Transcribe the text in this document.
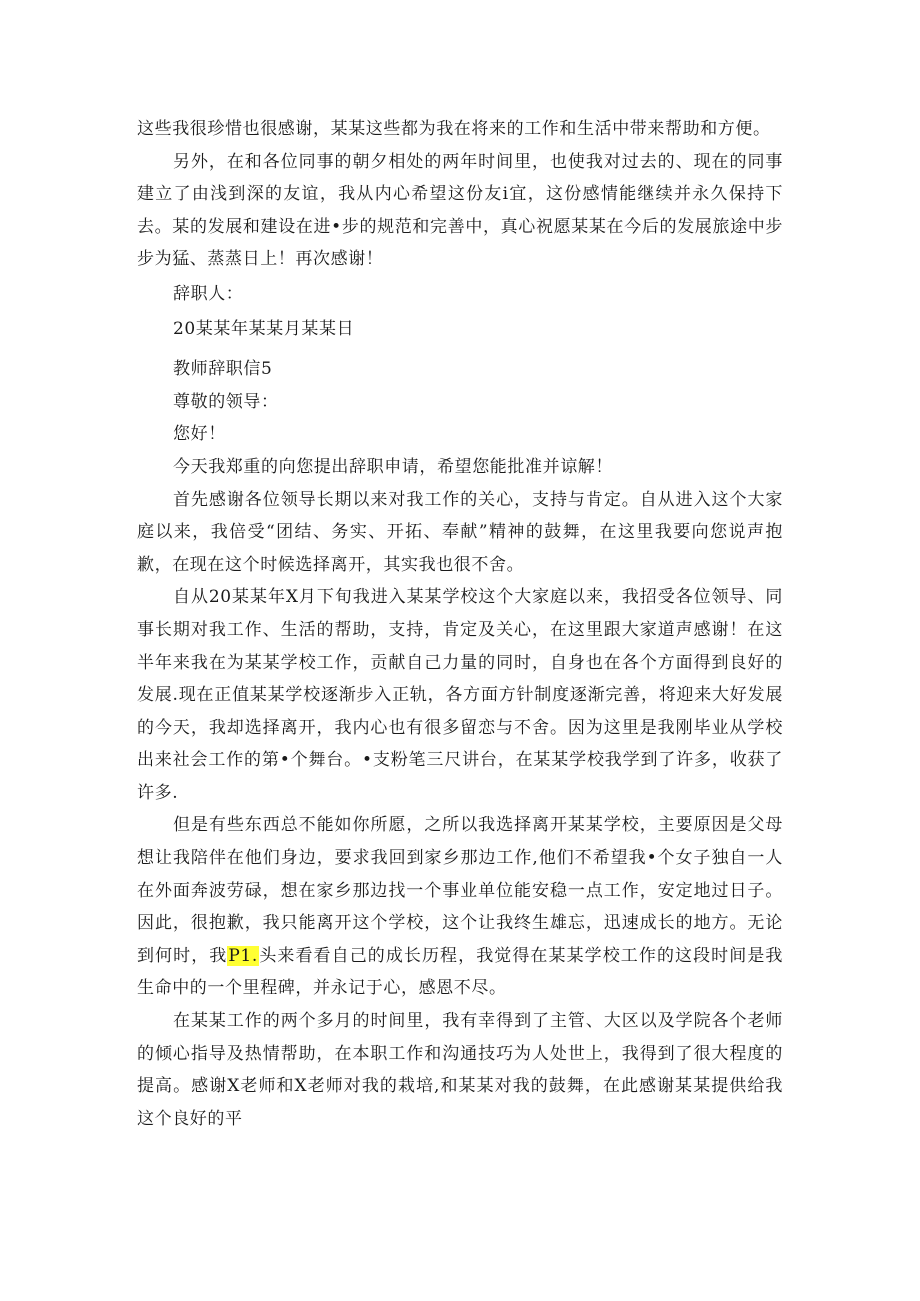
这些我很珍惜也很感谢，某某这些都为我在将来的工作和生活中带来帮助和方便。

另外，在和各位同事的朝夕相处的两年时间里，也使我对过去的、现在的同事建立了由浅到深的友谊，我从内心希望这份友i宜，这份感情能继续并永久保持下去。某的发展和建设在进•步的规范和完善中，真心祝愿某某在今后的发展旅途中步步为猛、蒸蒸日上！再次感谢！

辞职人：

20某某年某某月某某日

教师辞职信5

尊敬的领导：

您好！

今天我郑重的向您提出辞职申请，希望您能批准并谅解！

首先感谢各位领导长期以来对我工作的关心，支持与肯定。自从进入这个大家庭以来，我倍受“团结、务实、开拓、奉献”精神的鼓舞，在这里我要向您说声抱歉，在现在这个时候选择离开，其实我也很不舍。

自从20某某年X月下旬我进入某某学校这个大家庭以来，我招受各位领导、同事长期对我工作、生活的帮助，支持，肯定及关心，在这里跟大家道声感谢！在这半年来我在为某某学校工作，贡献自己力量的同时，自身也在各个方面得到良好的发展.现在正值某某学校逐渐步入正轨，各方面方针制度逐渐完善，将迎来大好发展的今天，我却选择离开，我内心也有很多留恋与不舍。因为这里是我刚毕业从学校出来社会工作的第•个舞台。•支粉笔三尺讲台，在某某学校我学到了许多，收获了许多.

但是有些东西总不能如你所愿，之所以我选择离开某某学校，主要原因是父母想让我陪伴在他们身边，要求我回到家乡那边工作,他们不希望我•个女子独自一人在外面奔波劳碌，想在家乡那边找一个事业单位能安稳一点工作，安定地过日子。因此，很抱歉，我只能离开这个学校，这个让我终生雄忘，迅速成长的地方。无论到何时，我P1.头来看看自己的成长历程，我觉得在某某学校工作的这段时间是我生命中的一个里程碑，并永记于心，感恩不尽。

在某某工作的两个多月的时间里，我有幸得到了主管、大区以及学院各个老师的倾心指导及热情帮助，在本职工作和沟通技巧为人处世上，我得到了很大程度的提高。感谢X老师和X老师对我的栽培,和某某对我的鼓舞，在此感谢某某提供给我这个良好的平
